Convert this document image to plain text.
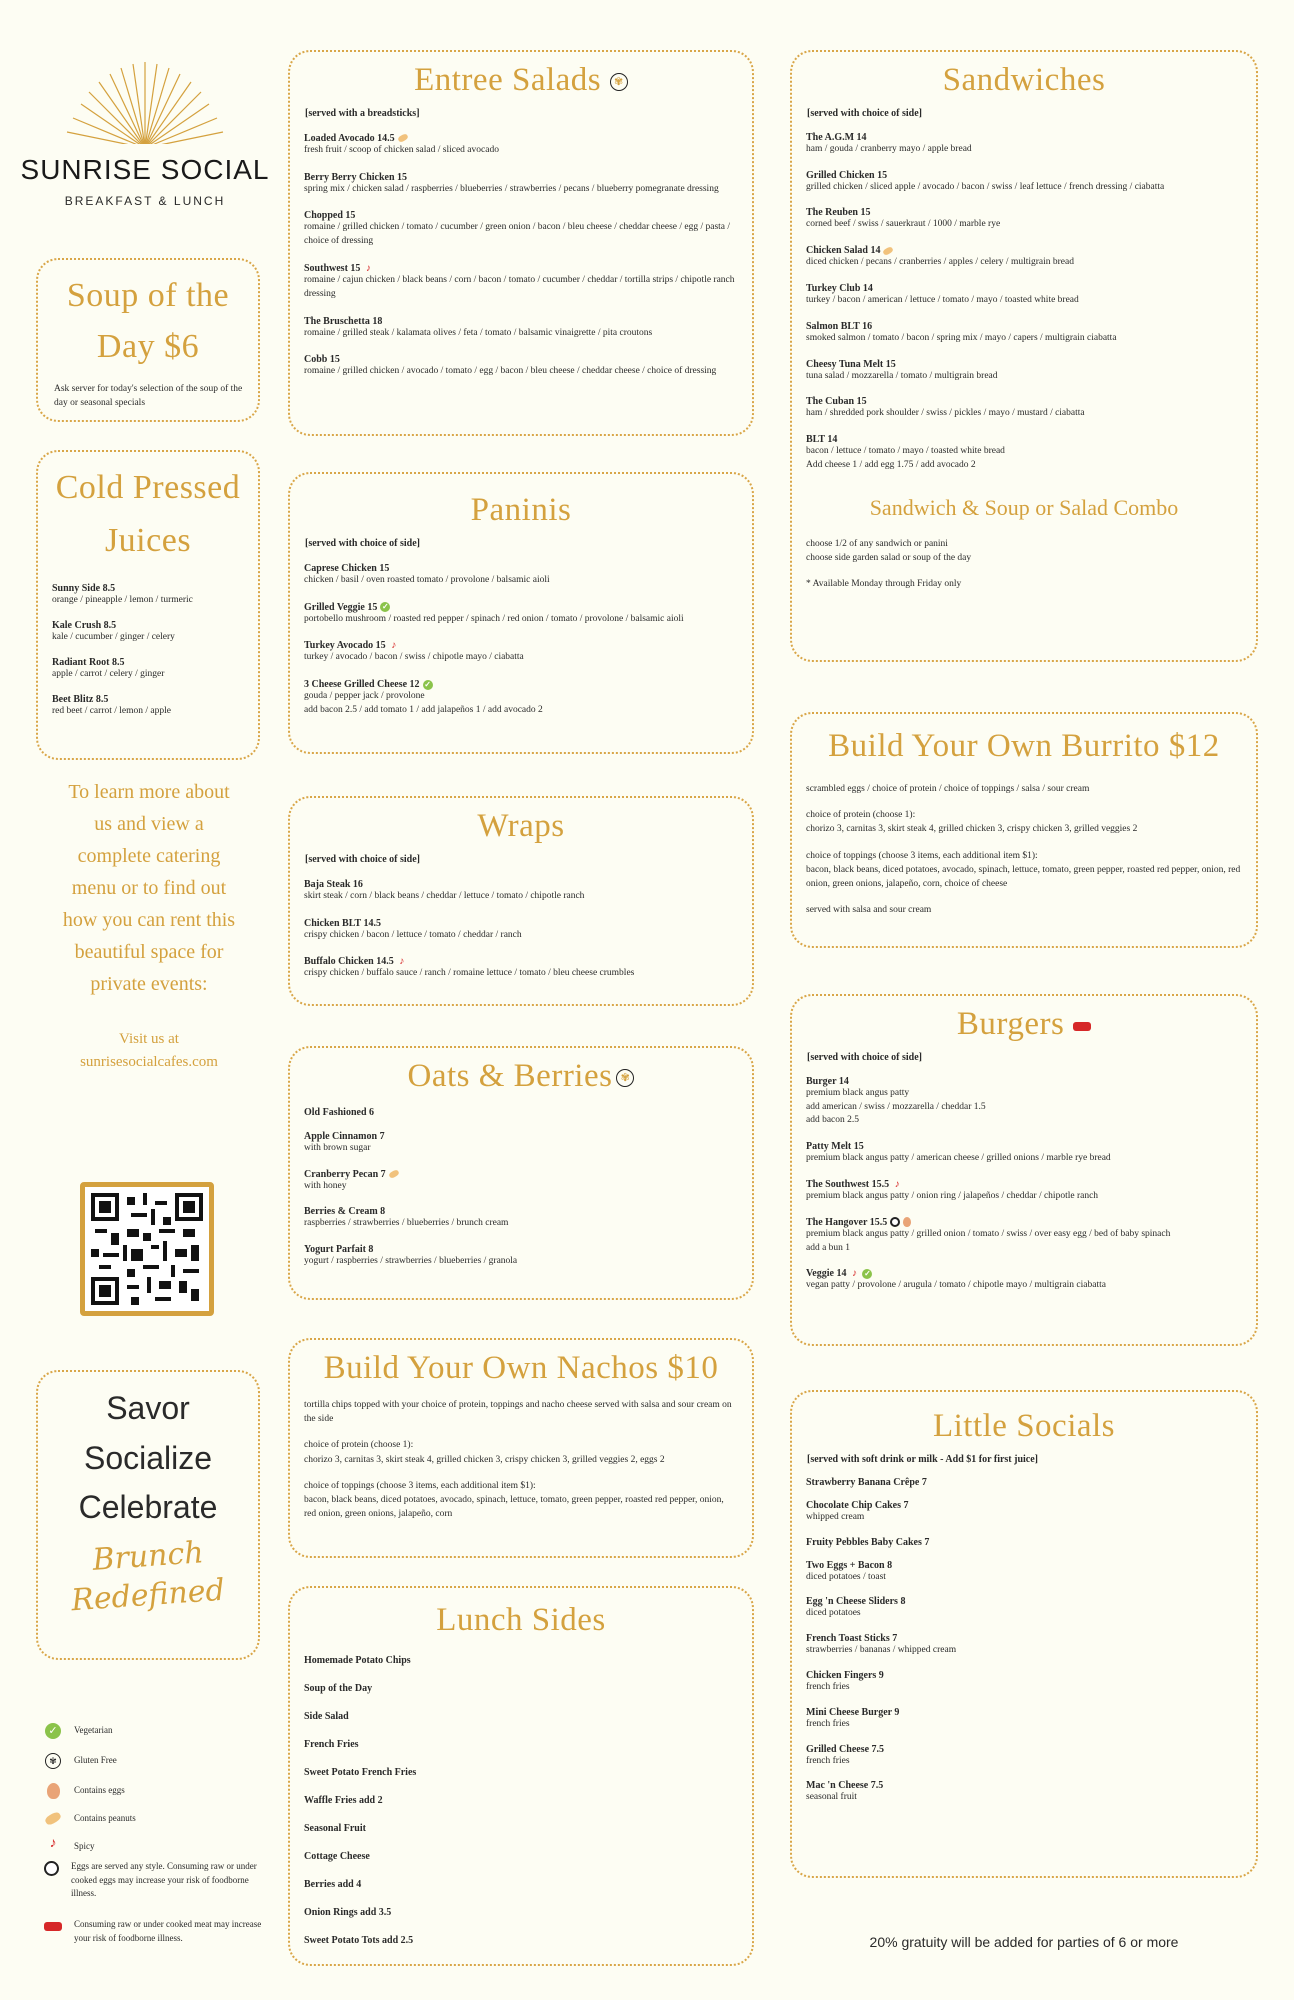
SUNRISE SOCIAL
BREAKFAST & LUNCH
Soup of the Day $6
Ask server for today's selection of the soup of the day or seasonal specials
Cold Pressed Juices
Sunny Side 8.5
orange / pineapple / lemon / turmeric
Kale Crush 8.5
kale / cucumber / ginger / celery
Radiant Root 8.5
apple / carrot / celery / ginger
Beet Blitz 8.5
red beet / carrot / lemon / apple
To learn more about us and view a complete catering menu or to find out how you can rent this beautiful space for private events:
Visit us at sunrisesocialcafes.com
Savor
Socialize
Celebrate
Brunch
Redefined
✓	Vegetarian
✾	Gluten Free
Contains eggs
Contains peanuts
♪ Spicy
Eggs are served any style. Consuming raw or under cooked eggs may increase your risk of foodborne illness.
Consuming raw or under cooked meat may increase your risk of foodborne illness.
Entree Salads ✾
[served with a breadsticks]
Loaded Avocado 14.5
fresh fruit / scoop of chicken salad / sliced avocado
Berry Berry Chicken 15
spring mix / chicken salad / raspberries / blueberries / strawberries / pecans / blueberry pomegranate dressing
Chopped 15
romaine / grilled chicken / tomato / cucumber / green onion / bacon / bleu cheese / cheddar cheese / egg / pasta / choice of dressing
Southwest 15 ♪
romaine / cajun chicken / black beans / corn / bacon / tomato / cucumber / cheddar / tortilla strips / chipotle ranch dressing
The Bruschetta 18
romaine / grilled steak / kalamata olives / feta / tomato / balsamic vinaigrette / pita croutons
Cobb 15
romaine / grilled chicken / avocado / tomato / egg / bacon / bleu cheese / cheddar cheese / choice of dressing
Paninis
[served with choice of side]
Caprese Chicken 15
chicken / basil / oven roasted tomato / provolone / balsamic aioli
Grilled Veggie 15 ✓
portobello mushroom / roasted red pepper / spinach / red onion / tomato / provolone / balsamic aioli
Turkey Avocado 15 ♪
turkey / avocado / bacon / swiss / chipotle mayo / ciabatta
3 Cheese Grilled Cheese 12 ✓
gouda / pepper jack / provolone
add bacon 2.5 / add tomato 1 / add jalapeños 1 / add avocado 2
Wraps
[served with choice of side]
Baja Steak 16
skirt steak / corn / black beans / cheddar / lettuce / tomato / chipotle ranch
Chicken BLT 14.5
crispy chicken / bacon / lettuce / tomato / cheddar / ranch
Buffalo Chicken 14.5 ♪
crispy chicken / buffalo sauce / ranch / romaine lettuce / tomato / bleu cheese crumbles
Oats & Berries ✾
Old Fashioned 6
Apple Cinnamon 7
with brown sugar
Cranberry Pecan 7
with honey
Berries & Cream 8
raspberries / strawberries / blueberries / brunch cream
Yogurt Parfait 8
yogurt / raspberries / strawberries / blueberries / granola
Build Your Own Nachos $10
tortilla chips topped with your choice of protein, toppings and nacho cheese served with salsa and sour cream on the side
choice of protein (choose 1):
chorizo 3, carnitas 3, skirt steak 4, grilled chicken 3, crispy chicken 3, grilled veggies 2, eggs 2
choice of toppings (choose 3 items, each additional item $1):
bacon, black beans, diced potatoes, avocado, spinach, lettuce, tomato, green pepper, roasted red pepper, onion, red onion, green onions, jalapeño, corn
Lunch Sides
Homemade Potato Chips
Soup of the Day
Side Salad
French Fries
Sweet Potato French Fries
Waffle Fries add 2
Seasonal Fruit
Cottage Cheese
Berries add 4
Onion Rings add 3.5
Sweet Potato Tots add 2.5
Sandwiches
[served with choice of side]
The A.G.M 14
ham / gouda / cranberry mayo / apple bread
Grilled Chicken 15
grilled chicken / sliced apple / avocado / bacon / swiss / leaf lettuce / french dressing / ciabatta
The Reuben 15
corned beef / swiss / sauerkraut / 1000 / marble rye
Chicken Salad 14
diced chicken / pecans / cranberries / apples / celery / multigrain bread
Turkey Club 14
turkey / bacon / american / lettuce / tomato / mayo / toasted white bread
Salmon BLT 16
smoked salmon / tomato / bacon / spring mix / mayo / capers / multigrain ciabatta
Cheesy Tuna Melt 15
tuna salad / mozzarella / tomato / multigrain bread
The Cuban 15
ham / shredded pork shoulder / swiss / pickles / mayo / mustard / ciabatta
BLT 14
bacon / lettuce / tomato / mayo / toasted white bread
Add cheese 1 / add egg 1.75 / add avocado 2
Sandwich & Soup or Salad Combo
choose 1/2 of any sandwich or panini
choose side garden salad or soup of the day
* Available Monday through Friday only
Build Your Own Burrito $12
scrambled eggs / choice of protein / choice of toppings / salsa / sour cream
choice of protein (choose 1):
chorizo 3, carnitas 3, skirt steak 4, grilled chicken 3, crispy chicken 3, grilled veggies 2
choice of toppings (choose 3 items, each additional item $1):
bacon, black beans, diced potatoes, avocado, spinach, lettuce, tomato, green pepper, roasted red pepper, onion, red onion, green onions, jalapeño, corn, choice of cheese
served with salsa and sour cream
Burgers
[served with choice of side]
Burger 14
premium black angus patty
add american / swiss / mozzarella / cheddar 1.5
add bacon 2.5
Patty Melt 15
premium black angus patty / american cheese / grilled onions / marble rye bread
The Southwest 15.5 ♪
premium black angus patty / onion ring / jalapeños / cheddar / chipotle ranch
The Hangover 15.5
premium black angus patty / grilled onion / tomato / swiss / over easy egg / bed of baby spinach
add a bun 1
Veggie 14 ♪ ✓
vegan patty / provolone / arugula / tomato / chipotle mayo / multigrain ciabatta
Little Socials
[served with soft drink or milk - Add $1 for first juice]
Strawberry Banana Crêpe 7
Chocolate Chip Cakes 7
whipped cream
Fruity Pebbles Baby Cakes 7
Two Eggs + Bacon 8
diced potatoes / toast
Egg 'n Cheese Sliders 8
diced potatoes
French Toast Sticks 7
strawberries / bananas / whipped cream
Chicken Fingers 9
french fries
Mini Cheese Burger 9
french fries
Grilled Cheese 7.5
french fries
Mac 'n Cheese 7.5
seasonal fruit
20% gratuity will be added for parties of 6 or more
